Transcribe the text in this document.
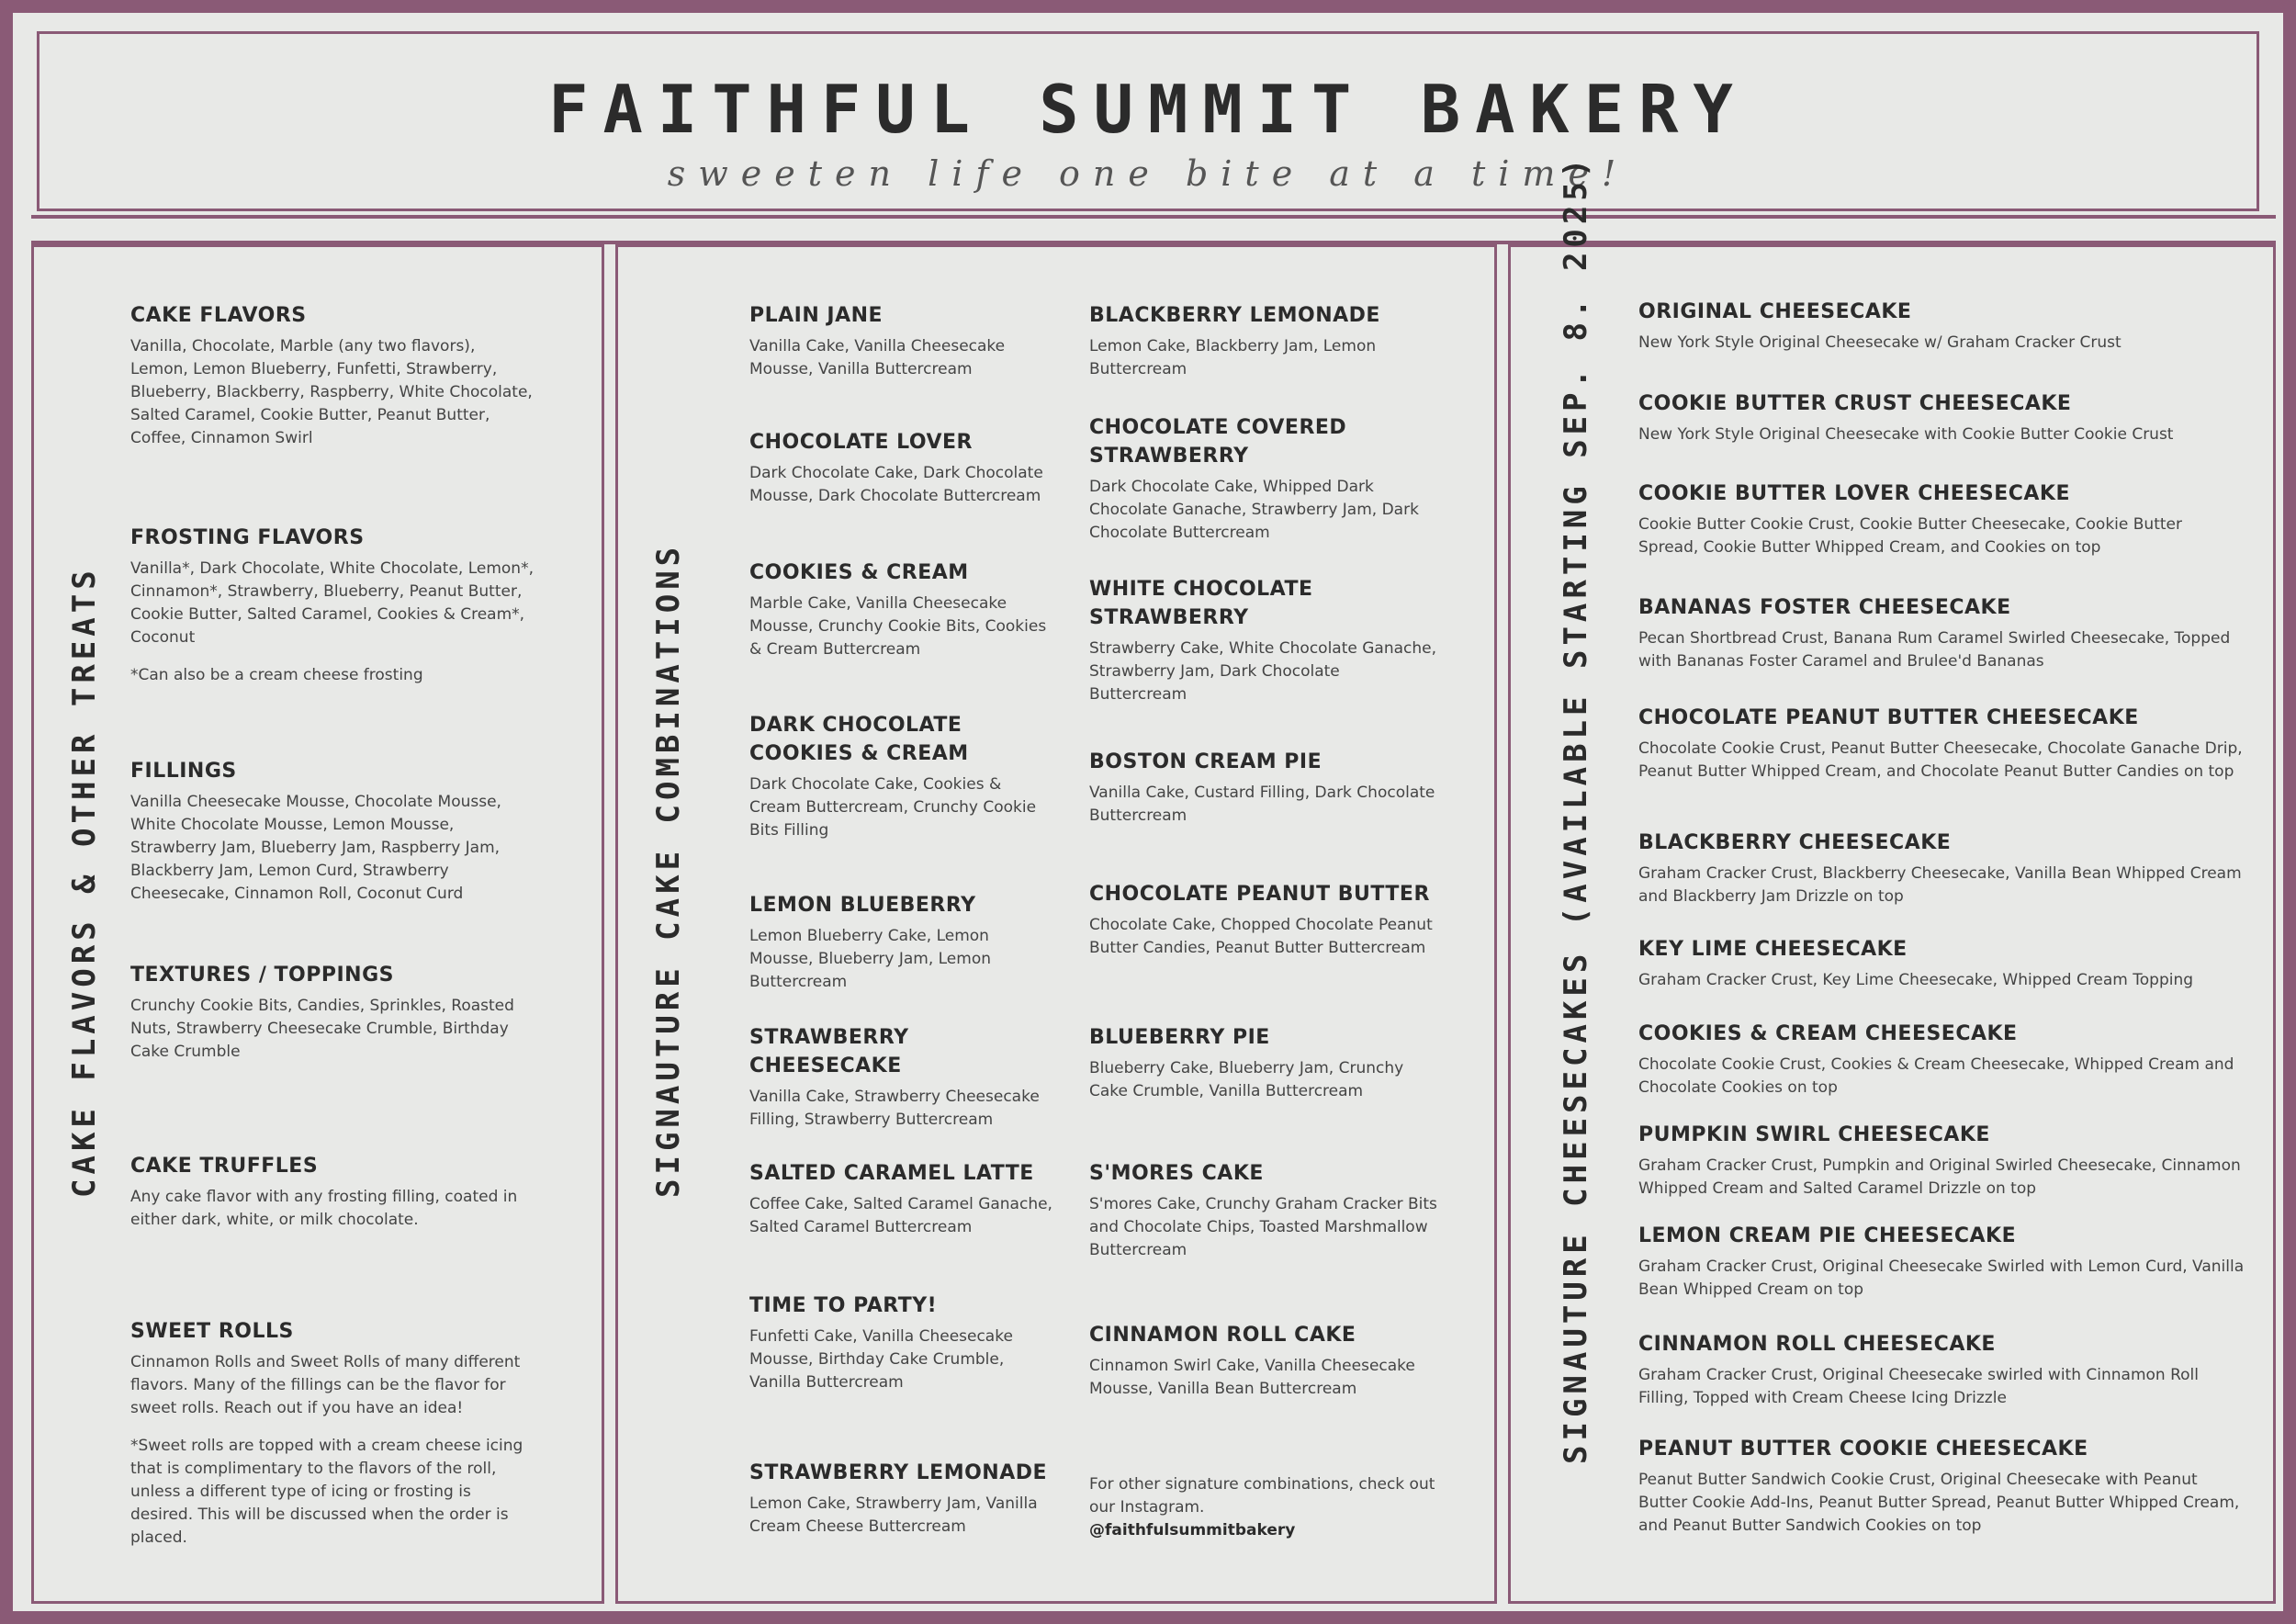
FAITHFUL SUMMIT BAKERY
sweeten life one bite at a time!
CAKE FLAVORS & OTHER TREATS	SIGNAUTURE CAKE COMBINATIONS	SIGNAUTURE CHEESECAKES (AVAILABLE STARTING SEP. 8. 2025)
CAKE FLAVORS

Vanilla, Chocolate, Marble (any two flavors), Lemon, Lemon Blueberry, Funfetti, Strawberry, Blueberry, Blackberry, Raspberry, White Chocolate, Salted Caramel, Cookie Butter, Peanut Butter, Coffee, Cinnamon Swirl

FROSTING FLAVORS

Vanilla*, Dark Chocolate, White Chocolate, Lemon*, Cinnamon*, Strawberry, Blueberry, Peanut Butter, Cookie Butter, Salted Caramel, Cookies & Cream*, Coconut

*Can also be a cream cheese frosting

FILLINGS

Vanilla Cheesecake Mousse, Chocolate Mousse, White Chocolate Mousse, Lemon Mousse, Strawberry Jam, Blueberry Jam, Raspberry Jam, Blackberry Jam, Lemon Curd, Strawberry Cheesecake, Cinnamon Roll, Coconut Curd

TEXTURES / TOPPINGS

Crunchy Cookie Bits, Candies, Sprinkles, Roasted Nuts, Strawberry Cheesecake Crumble, Birthday Cake Crumble

CAKE TRUFFLES

Any cake flavor with any frosting filling, coated in either dark, white, or milk chocolate.

SWEET ROLLS

Cinnamon Rolls and Sweet Rolls of many different flavors. Many of the fillings can be the flavor for sweet rolls. Reach out if you have an idea!

*Sweet rolls are topped with a cream cheese icing that is complimentary to the flavors of the roll, unless a different type of icing or frosting is desired. This will be discussed when the order is placed.

PLAIN JANE

Vanilla Cake, Vanilla Cheesecake Mousse, Vanilla Buttercream

CHOCOLATE LOVER

Dark Chocolate Cake, Dark Chocolate Mousse, Dark Chocolate Buttercream

COOKIES & CREAM

Marble Cake, Vanilla Cheesecake Mousse, Crunchy Cookie Bits, Cookies & Cream Buttercream

DARK CHOCOLATE COOKIES & CREAM

Dark Chocolate Cake, Cookies & Cream Buttercream, Crunchy Cookie Bits Filling

LEMON BLUEBERRY

Lemon Blueberry Cake, Lemon Mousse, Blueberry Jam, Lemon Buttercream

STRAWBERRY CHEESECAKE

Vanilla Cake, Strawberry Cheesecake Filling, Strawberry Buttercream

SALTED CARAMEL LATTE

Coffee Cake, Salted Caramel Ganache, Salted Caramel Buttercream

TIME TO PARTY!

Funfetti Cake, Vanilla Cheesecake Mousse, Birthday Cake Crumble, Vanilla Buttercream

STRAWBERRY LEMONADE

Lemon Cake, Strawberry Jam, Vanilla Cream Cheese Buttercream

BLACKBERRY LEMONADE

Lemon Cake, Blackberry Jam, Lemon Buttercream

CHOCOLATE COVERED STRAWBERRY

Dark Chocolate Cake, Whipped Dark Chocolate Ganache, Strawberry Jam, Dark Chocolate Buttercream

WHITE CHOCOLATE STRAWBERRY

Strawberry Cake, White Chocolate Ganache, Strawberry Jam, Dark Chocolate Buttercream

BOSTON CREAM PIE

Vanilla Cake, Custard Filling, Dark Chocolate Buttercream

CHOCOLATE PEANUT BUTTER

Chocolate Cake, Chopped Chocolate Peanut Butter Candies, Peanut Butter Buttercream

BLUEBERRY PIE

Blueberry Cake, Blueberry Jam, Crunchy Cake Crumble, Vanilla Buttercream

S'MORES CAKE

S'mores Cake, Crunchy Graham Cracker Bits and Chocolate Chips, Toasted Marshmallow Buttercream

CINNAMON ROLL CAKE

Cinnamon Swirl Cake, Vanilla Cheesecake Mousse, Vanilla Bean Buttercream

For other signature combinations, check out our Instagram.

@faithfulsummitbakery

ORIGINAL CHEESECAKE

New York Style Original Cheesecake w/ Graham Cracker Crust

COOKIE BUTTER CRUST CHEESECAKE

New York Style Original Cheesecake with Cookie Butter Cookie Crust

COOKIE BUTTER LOVER CHEESECAKE

Cookie Butter Cookie Crust, Cookie Butter Cheesecake, Cookie Butter Spread, Cookie Butter Whipped Cream, and Cookies on top

BANANAS FOSTER CHEESECAKE

Pecan Shortbread Crust, Banana Rum Caramel Swirled Cheesecake, Topped with Bananas Foster Caramel and Brulee'd Bananas

CHOCOLATE PEANUT BUTTER CHEESECAKE

Chocolate Cookie Crust, Peanut Butter Cheesecake, Chocolate Ganache Drip, Peanut Butter Whipped Cream, and Chocolate Peanut Butter Candies on top

BLACKBERRY CHEESECAKE

Graham Cracker Crust, Blackberry Cheesecake, Vanilla Bean Whipped Cream and Blackberry Jam Drizzle on top

KEY LIME CHEESECAKE

Graham Cracker Crust, Key Lime Cheesecake, Whipped Cream Topping

COOKIES & CREAM CHEESECAKE

Chocolate Cookie Crust, Cookies & Cream Cheesecake, Whipped Cream and Chocolate Cookies on top

PUMPKIN SWIRL CHEESECAKE

Graham Cracker Crust, Pumpkin and Original Swirled Cheesecake, Cinnamon Whipped Cream and Salted Caramel Drizzle on top

LEMON CREAM PIE CHEESECAKE

Graham Cracker Crust, Original Cheesecake Swirled with Lemon Curd, Vanilla Bean Whipped Cream on top

CINNAMON ROLL CHEESECAKE

Graham Cracker Crust, Original Cheesecake swirled with Cinnamon Roll Filling, Topped with Cream Cheese Icing Drizzle

PEANUT BUTTER COOKIE CHEESECAKE

Peanut Butter Sandwich Cookie Crust, Original Cheesecake with Peanut Butter Cookie Add-Ins, Peanut Butter Spread, Peanut Butter Whipped Cream, and Peanut Butter Sandwich Cookies on top
